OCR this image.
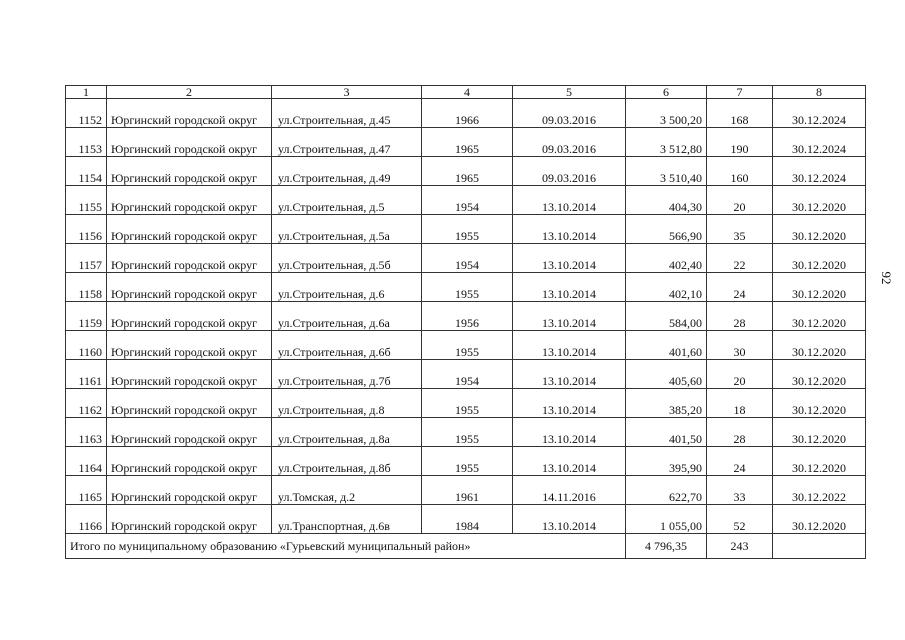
1	2	3	4	5	6	7	8
1152	Юргинский городской округ	ул.Строительная, д.45	1966	09.03.2016	3 500,20	168	30.12.2024
1153	Юргинский городской округ	ул.Строительная, д.47	1965	09.03.2016	3 512,80	190	30.12.2024
1154	Юргинский городской округ	ул.Строительная, д.49	1965	09.03.2016	3 510,40	160	30.12.2024
1155	Юргинский городской округ	ул.Строительная, д.5	1954	13.10.2014	404,30	20	30.12.2020
1156	Юргинский городской округ	ул.Строительная, д.5а	1955	13.10.2014	566,90	35	30.12.2020
1157	Юргинский городской округ	ул.Строительная, д.5б	1954	13.10.2014	402,40	22	30.12.2020
1158	Юргинский городской округ	ул.Строительная, д.6	1955	13.10.2014	402,10	24	30.12.2020
1159	Юргинский городской округ	ул.Строительная, д.6а	1956	13.10.2014	584,00	28	30.12.2020
1160	Юргинский городской округ	ул.Строительная, д.6б	1955	13.10.2014	401,60	30	30.12.2020
1161	Юргинский городской округ	ул.Строительная, д.7б	1954	13.10.2014	405,60	20	30.12.2020
1162	Юргинский городской округ	ул.Строительная, д.8	1955	13.10.2014	385,20	18	30.12.2020
1163	Юргинский городской округ	ул.Строительная, д.8а	1955	13.10.2014	401,50	28	30.12.2020
1164	Юргинский городской округ	ул.Строительная, д.8б	1955	13.10.2014	395,90	24	30.12.2020
1165	Юргинский городской округ	ул.Томская, д.2	1961	14.11.2016	622,70	33	30.12.2022
1166	Юргинский городской округ	ул.Транспортная, д.6в	1984	13.10.2014	1 055,00	52	30.12.2020
Итого по муниципальному образованию «Гурьевский муниципальный район»					4 796,35	243	
92
